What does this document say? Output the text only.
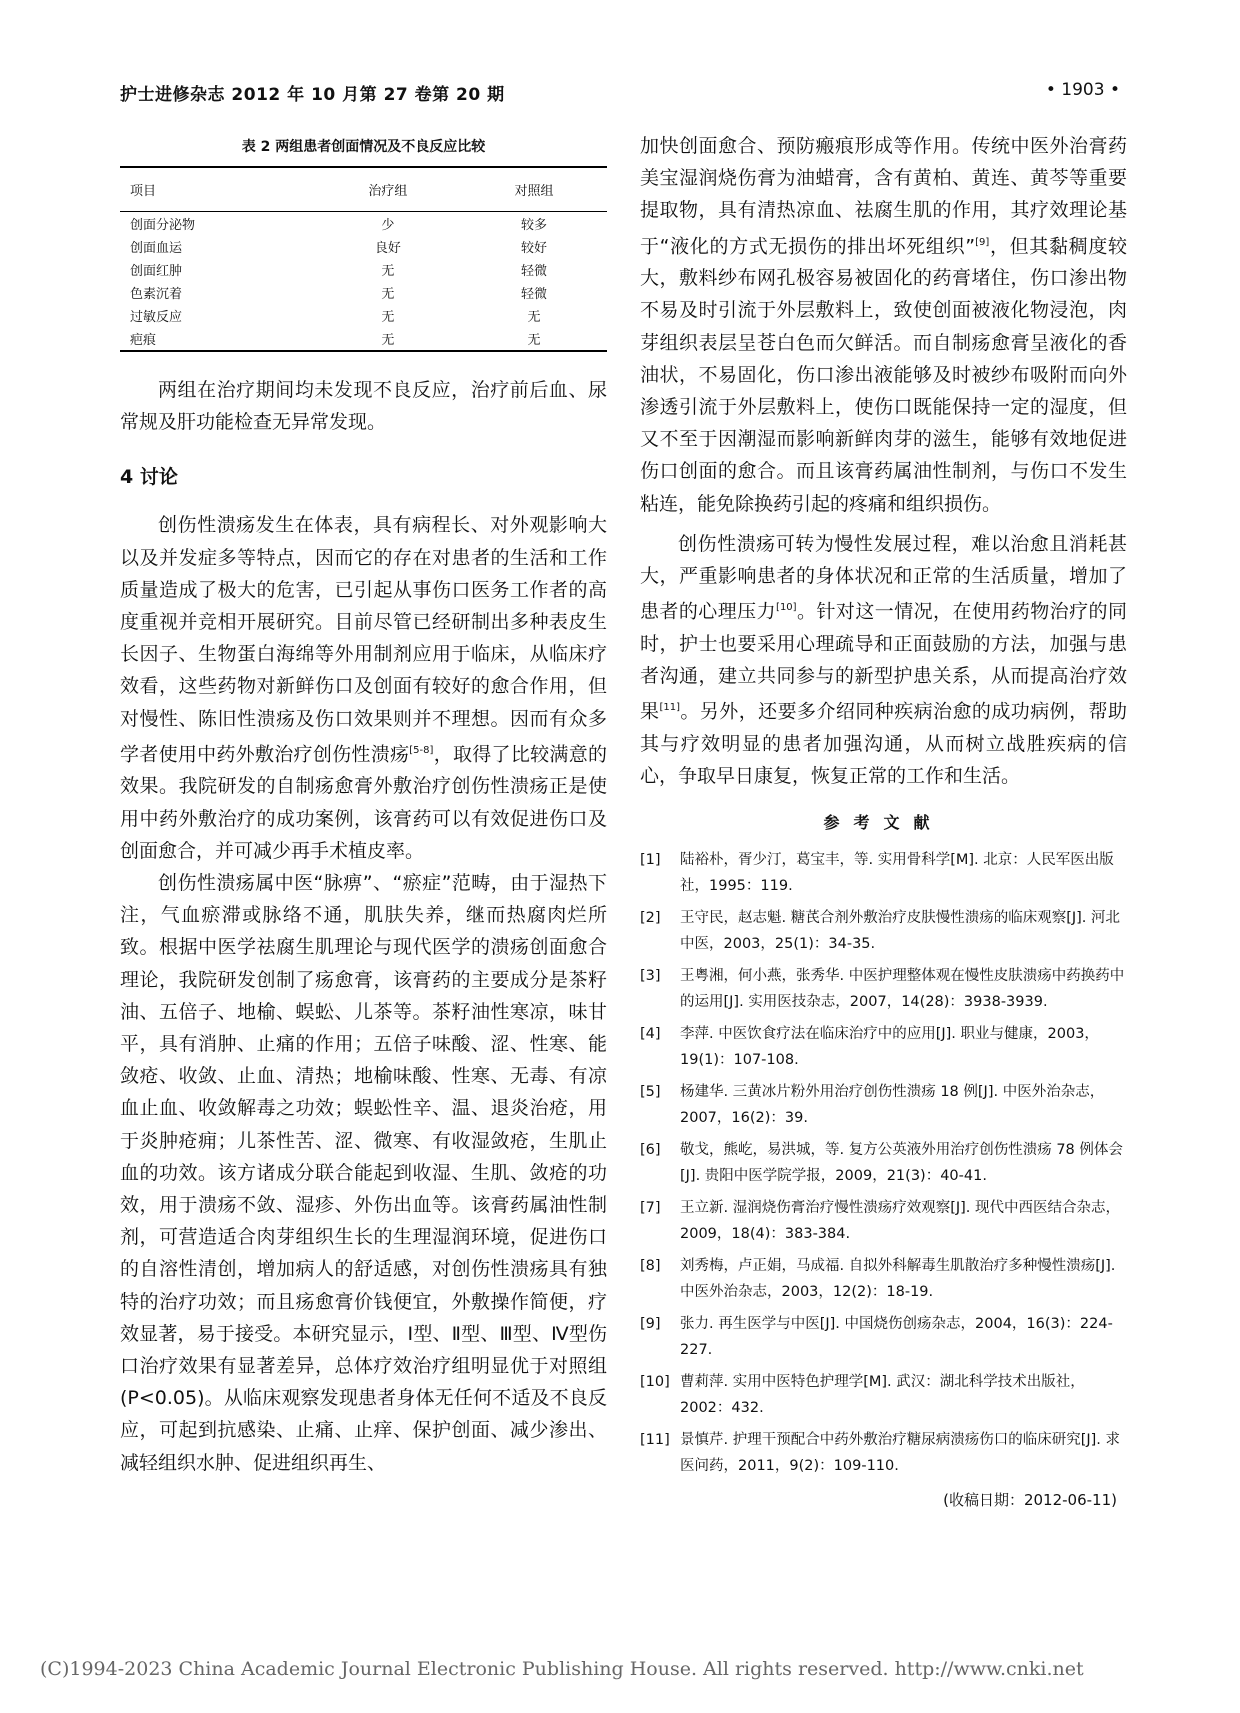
护士进修杂志 2012 年 10 月第 27 卷第 20 期	• 1903 •
表 2 两组患者创面情况及不良反应比较
项目	治疗组	对照组
创面分泌物	少	较多
创面血运	良好	较好
创面红肿	无	轻微
色素沉着	无	轻微
过敏反应	无	无
疤痕	无	无

两组在治疗期间均未发现不良反应，治疗前后血、尿常规及肝功能检查无异常发现。

4 讨论

创伤性溃疡发生在体表，具有病程长、对外观影响大以及并发症多等特点，因而它的存在对患者的生活和工作质量造成了极大的危害，已引起从事伤口医务工作者的高度重视并竞相开展研究。目前尽管已经研制出多种表皮生长因子、生物蛋白海绵等外用制剂应用于临床，从临床疗效看，这些药物对新鲜伤口及创面有较好的愈合作用，但对慢性、陈旧性溃疡及伤口效果则并不理想。因而有众多学者使用中药外敷治疗创伤性溃疡[5-8]，取得了比较满意的效果。我院研发的自制疡愈膏外敷治疗创伤性溃疡正是使用中药外敷治疗的成功案例，该膏药可以有效促进伤口及创面愈合，并可减少再手术植皮率。

创伤性溃疡属中医“脉痹”、“瘀症”范畴，由于湿热下注，气血瘀滞或脉络不通，肌肤失养，继而热腐肉烂所致。根据中医学祛腐生肌理论与现代医学的溃疡创面愈合理论，我院研发创制了疡愈膏，该膏药的主要成分是茶籽油、五倍子、地榆、蜈蚣、儿茶等。茶籽油性寒凉，味甘平，具有消肿、止痛的作用；五倍子味酸、涩、性寒、能敛疮、收敛、止血、清热；地榆味酸、性寒、无毒、有凉血止血、收敛解毒之功效；蜈蚣性辛、温、退炎治疮，用于炎肿疮痈；儿茶性苦、涩、微寒、有收湿敛疮，生肌止血的功效。该方诸成分联合能起到收湿、生肌、敛疮的功效，用于溃疡不敛、湿疹、外伤出血等。该膏药属油性制剂，可营造适合肉芽组织生长的生理湿润环境，促进伤口的自溶性清创，增加病人的舒适感，对创伤性溃疡具有独特的治疗功效；而且疡愈膏价钱便宜，外敷操作简便，疗效显著，易于接受。本研究显示，Ⅰ型、Ⅱ型、Ⅲ型、Ⅳ型伤口治疗效果有显著差异，总体疗效治疗组明显优于对照组(P<0.05)。从临床观察发现患者身体无任何不适及不良反应，可起到抗感染、止痛、止痒、保护创面、减少渗出、减轻组织水肿、促进组织再生、

加快创面愈合、预防瘢痕形成等作用。传统中医外治膏药美宝湿润烧伤膏为油蜡膏，含有黄柏、黄连、黄芩等重要提取物，具有清热凉血、祛腐生肌的作用，其疗效理论基于“液化的方式无损伤的排出坏死组织”[9]，但其黏稠度较大，敷料纱布网孔极容易被固化的药膏堵住，伤口渗出物不易及时引流于外层敷料上，致使创面被液化物浸泡，肉芽组织表层呈苍白色而欠鲜活。而自制疡愈膏呈液化的香油状，不易固化，伤口渗出液能够及时被纱布吸附而向外渗透引流于外层敷料上，使伤口既能保持一定的湿度，但又不至于因潮湿而影响新鲜肉芽的滋生，能够有效地促进伤口创面的愈合。而且该膏药属油性制剂，与伤口不发生粘连，能免除换药引起的疼痛和组织损伤。

创伤性溃疡可转为慢性发展过程，难以治愈且消耗甚大，严重影响患者的身体状况和正常的生活质量，增加了患者的心理压力[10]。针对这一情况，在使用药物治疗的同时，护士也要采用心理疏导和正面鼓励的方法，加强与患者沟通，建立共同参与的新型护患关系，从而提高治疗效果[11]。另外，还要多介绍同种疾病治愈的成功病例，帮助其与疗效明显的患者加强沟通，从而树立战胜疾病的信心，争取早日康复，恢复正常的工作和生活。

参考文献

[1] 陆裕朴，胥少汀，葛宝丰，等. 实用骨科学[M]. 北京：人民军医出版社，1995：119.

[2] 王守民，赵志魁. 糖芪合剂外敷治疗皮肤慢性溃疡的临床观察[J]. 河北中医，2003，25(1)：34-35.

[3] 王粤湘，何小燕，张秀华. 中医护理整体观在慢性皮肤溃疡中药换药中的运用[J]. 实用医技杂志，2007，14(28)：3938-3939.

[4] 李萍. 中医饮食疗法在临床治疗中的应用[J]. 职业与健康，2003，19(1)：107-108.

[5] 杨建华. 三黄冰片粉外用治疗创伤性溃疡 18 例[J]. 中医外治杂志，2007，16(2)：39.

[6] 敬戈，熊屹，易洪城，等. 复方公英液外用治疗创伤性溃疡 78 例体会[J]. 贵阳中医学院学报，2009，21(3)：40-41.

[7] 王立新. 湿润烧伤膏治疗慢性溃疡疗效观察[J]. 现代中西医结合杂志，2009，18(4)：383-384.

[8] 刘秀梅，卢正娟，马成福. 自拟外科解毒生肌散治疗多种慢性溃疡[J]. 中医外治杂志，2003，12(2)：18-19.

[9] 张力. 再生医学与中医[J]. 中国烧伤创疡杂志，2004，16(3)：224-227.

[10] 曹莉萍. 实用中医特色护理学[M]. 武汉：湖北科学技术出版社，2002：432.

[11] 景慎芹. 护理干预配合中药外敷治疗糖尿病溃疡伤口的临床研究[J]. 求医问药，2011，9(2)：109-110.

(收稿日期：2012-06-11)
(C)1994-2023 China Academic Journal Electronic Publishing House. All rights reserved. http://www.cnki.net
